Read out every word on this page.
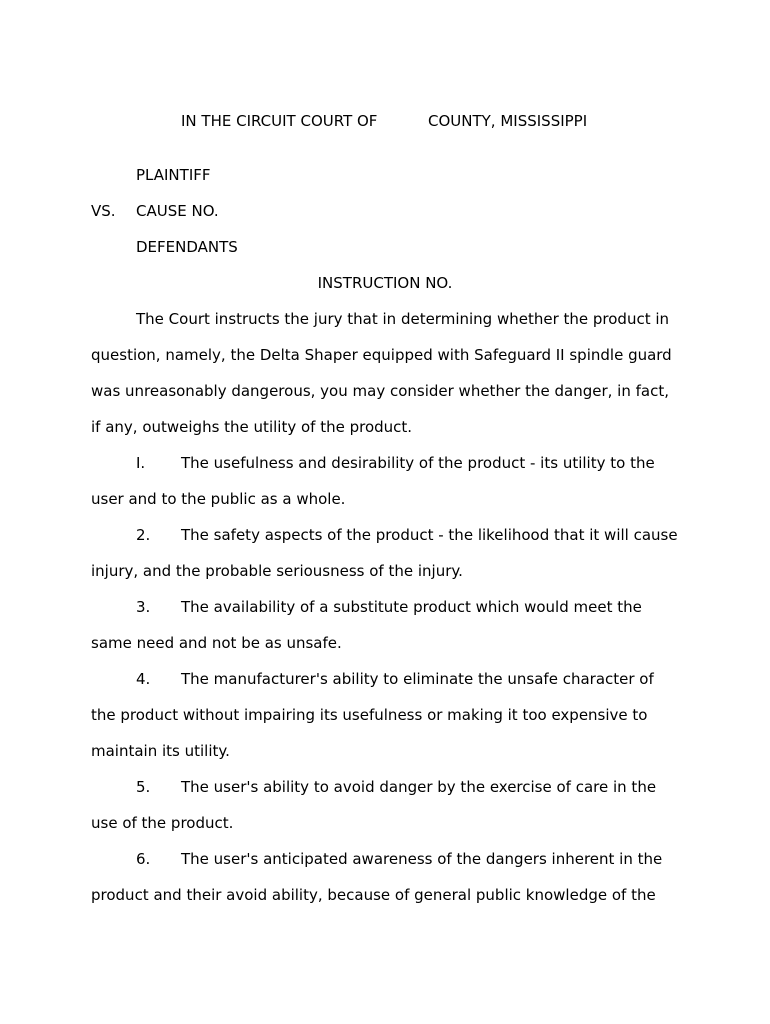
IN THE CIRCUIT COURT OF	COUNTY, MISSISSIPPI
PLAINTIFF
VS. CAUSE NO.
DEFENDANTS
INSTRUCTION NO.
The Court instructs the jury that in determining whether the product in question, namely, the Delta Shaper equipped with Safeguard II spindle guard was unreasonably dangerous, you may consider whether the danger, in fact, if any, outweighs the utility of the product.
I. The usefulness and desirability of the product - its utility to the user and to the public as a whole.
2. The safety aspects of the product - the likelihood that it will cause injury, and the probable seriousness of the injury.
3. The availability of a substitute product which would meet the same need and not be as unsafe.
4. The manufacturer's ability to eliminate the unsafe character of the product without impairing its usefulness or making it too expensive to maintain its utility.
5. The user's ability to avoid danger by the exercise of care in the use of the product.
6. The user's anticipated awareness of the dangers inherent in the product and their avoid ability, because of general public knowledge of the
